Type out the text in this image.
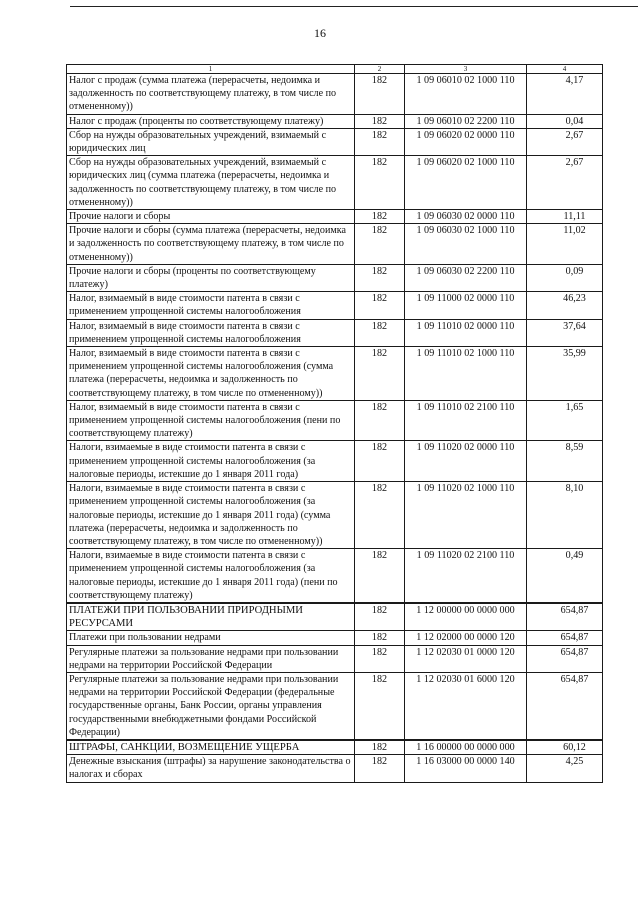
16
1	2	3	4
Налог с продаж (сумма платежа (перерасчеты, недоимка и задолженность по соответствующему платежу, в том числе по отмененному))	182	1 09 06010 02 1000 110	4,17
Налог с продаж (проценты по соответствующему платежу)	182	1 09 06010 02 2200 110	0,04
Сбор на нужды образовательных учреждений, взимаемый с юридических лиц	182	1 09 06020 02 0000 110	2,67
Сбор на нужды образовательных учреждений, взимаемый с юридических лиц (сумма платежа (перерасчеты, недоимка и задолженность по соответствующему платежу, в том числе по отмененному))	182	1 09 06020 02 1000 110	2,67
Прочие налоги и сборы	182	1 09 06030 02 0000 110	11,11
Прочие налоги и сборы (сумма платежа (перерасчеты, недоимка и задолженность по соответствующему платежу, в том числе по отмененному))	182	1 09 06030 02 1000 110	11,02
Прочие налоги и сборы (проценты по соответствующему платежу)	182	1 09 06030 02 2200 110	0,09
Налог, взимаемый в виде стоимости патента в связи с применением упрощенной системы налогообложения	182	1 09 11000 02 0000 110	46,23
Налог, взимаемый в виде стоимости патента в связи с применением упрощенной системы налогообложения	182	1 09 11010 02 0000 110	37,64
Налог, взимаемый в виде стоимости патента в связи с применением упрощенной системы налогообложения (сумма платежа (перерасчеты, недоимка и задолженность по соответствующему платежу, в том числе по отмененному))	182	1 09 11010 02 1000 110	35,99
Налог, взимаемый в виде стоимости патента в связи с применением упрощенной системы налогообложения (пени по соответствующему платежу)	182	1 09 11010 02 2100 110	1,65
Налоги, взимаемые в виде стоимости патента в связи с применением упрощенной системы налогообложения (за налоговые периоды, истекшие до 1 января 2011 года)	182	1 09 11020 02 0000 110	8,59
Налоги, взимаемые в виде стоимости патента в связи с применением упрощенной системы налогообложения (за налоговые периоды, истекшие до 1 января 2011 года) (сумма платежа (перерасчеты, недоимка и задолженность по соответствующему платежу, в том числе по отмененному))	182	1 09 11020 02 1000 110	8,10
Налоги, взимаемые в виде стоимости патента в связи с применением упрощенной системы налогообложения (за налоговые периоды, истекшие до 1 января 2011 года) (пени по соответствующему платежу)	182	1 09 11020 02 2100 110	0,49
ПЛАТЕЖИ ПРИ ПОЛЬЗОВАНИИ ПРИРОДНЫМИ РЕСУРСАМИ	182	1 12 00000 00 0000 000	654,87
Платежи при пользовании недрами	182	1 12 02000 00 0000 120	654,87
Регулярные платежи за пользование недрами при пользовании недрами на территории Российской Федерации	182	1 12 02030 01 0000 120	654,87
Регулярные платежи за пользование недрами при пользовании недрами на территории Российской Федерации (федеральные государственные органы, Банк России, органы управления государственными внебюджетными фондами Российской Федерации)	182	1 12 02030 01 6000 120	654,87
ШТРАФЫ, САНКЦИИ, ВОЗМЕЩЕНИЕ УЩЕРБА	182	1 16 00000 00 0000 000	60,12
Денежные взыскания (штрафы) за нарушение законодательства о налогах и сборах	182	1 16 03000 00 0000 140	4,25
